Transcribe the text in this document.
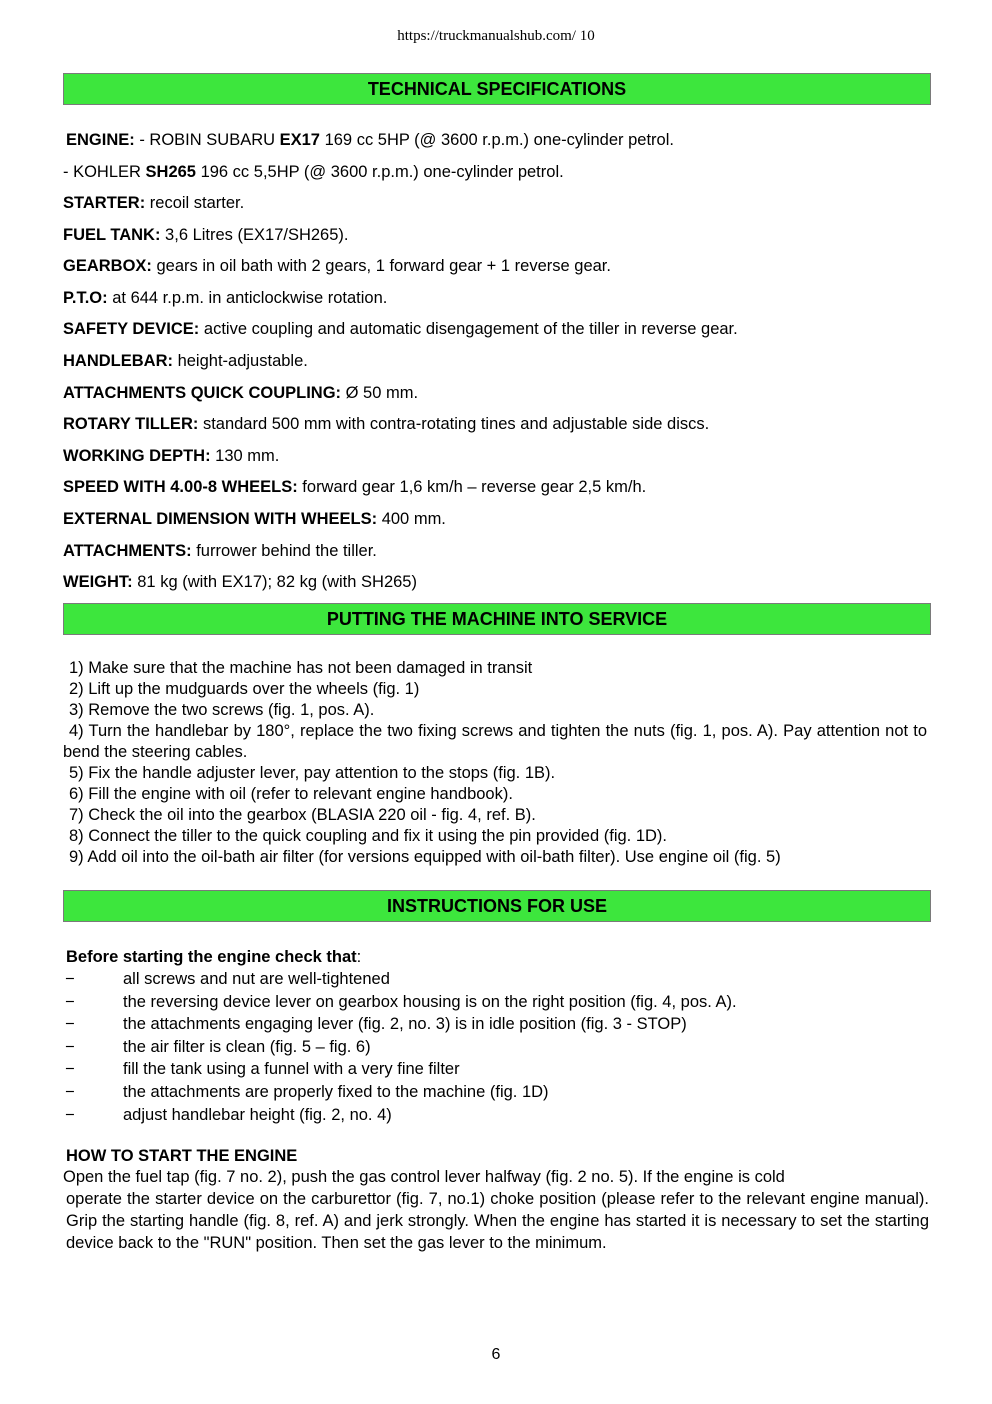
https://truckmanualshub.com/ 10
TECHNICAL SPECIFICATIONS
ENGINE: - ROBIN SUBARU EX17 169 cc 5HP (@ 3600 r.p.m.) one-cylinder petrol.
- KOHLER SH265 196 cc 5,5HP (@ 3600 r.p.m.) one-cylinder petrol.
STARTER: recoil starter.
FUEL TANK: 3,6 Litres (EX17/SH265).
GEARBOX: gears in oil bath with 2 gears, 1 forward gear + 1 reverse gear.
P.T.O: at 644 r.p.m. in anticlockwise rotation.
SAFETY DEVICE: active coupling and automatic disengagement of the tiller in reverse gear.
HANDLEBAR: height-adjustable.
ATTACHMENTS QUICK COUPLING: Ø 50 mm.
ROTARY TILLER: standard 500 mm with contra-rotating tines and adjustable side discs.
WORKING DEPTH: 130 mm.
SPEED WITH 4.00-8 WHEELS: forward gear 1,6 km/h – reverse gear 2,5 km/h.
EXTERNAL DIMENSION WITH WHEELS: 400 mm.
ATTACHMENTS: furrower behind the tiller.
WEIGHT: 81 kg (with EX17); 82 kg (with SH265)
PUTTING THE MACHINE INTO SERVICE
1) Make sure that the machine has not been damaged in transit
2) Lift up the mudguards over the wheels (fig. 1)
3) Remove the two screws (fig. 1, pos. A).
4) Turn the handlebar by 180°, replace the two fixing screws and tighten the nuts (fig. 1, pos. A). Pay attention not to bend the steering cables.
5) Fix the handle adjuster lever, pay attention to the stops (fig. 1B).
6) Fill the engine with oil (refer to relevant engine handbook).
7) Check the oil into the gearbox (BLASIA 220 oil - fig. 4, ref. B).
8) Connect the tiller to the quick coupling and fix it using the pin provided (fig. 1D).
9) Add oil into the oil-bath air filter (for versions equipped with oil-bath filter). Use engine oil (fig. 5)
INSTRUCTIONS FOR USE
Before starting the engine check that:
−	all screws and nut are well-tightened
−	the reversing device lever on gearbox housing is on the right position (fig. 4, pos. A).
−	the attachments engaging lever (fig. 2, no. 3) is in idle position (fig. 3 - STOP)
−	the air filter is clean (fig. 5 – fig. 6)
−	fill the tank using a funnel with a very fine filter
−	the attachments are properly fixed to the machine (fig. 1D)
−	adjust handlebar height (fig. 2, no. 4)
HOW TO START THE ENGINE
Open the fuel tap (fig. 7 no. 2), push the gas control lever halfway (fig. 2 no. 5). If the engine is cold
operate the starter device on the carburettor (fig. 7, no.1) choke position (please refer to the relevant engine manual). Grip the starting handle (fig. 8, ref. A) and jerk strongly. When the engine has started it is necessary to set the starting device back to the "RUN" position. Then set the gas lever to the minimum.
6
